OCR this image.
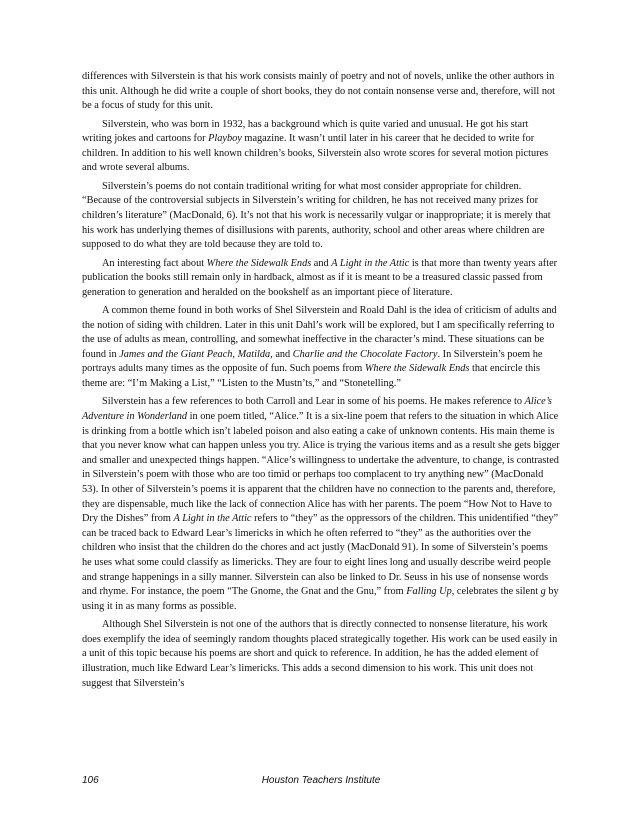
differences with Silverstein is that his work consists mainly of poetry and not of novels, unlike the other authors in this unit. Although he did write a couple of short books, they do not contain nonsense verse and, therefore, will not be a focus of study for this unit.

Silverstein, who was born in 1932, has a background which is quite varied and unusual. He got his start writing jokes and cartoons for Playboy magazine. It wasn’t until later in his career that he decided to write for children. In addition to his well known children’s books, Silverstein also wrote scores for several motion pictures and wrote several albums.

Silverstein’s poems do not contain traditional writing for what most consider appropriate for children. “Because of the controversial subjects in Silverstein’s writing for children, he has not received many prizes for children’s literature” (MacDonald, 6). It’s not that his work is necessarily vulgar or inappropriate; it is merely that his work has underlying themes of disillusions with parents, authority, school and other areas where children are supposed to do what they are told because they are told to.

An interesting fact about Where the Sidewalk Ends and A Light in the Attic is that more than twenty years after publication the books still remain only in hardback, almost as if it is meant to be a treasured classic passed from generation to generation and heralded on the bookshelf as an important piece of literature.

A common theme found in both works of Shel Silverstein and Roald Dahl is the idea of criticism of adults and the notion of siding with children. Later in this unit Dahl’s work will be explored, but I am specifically referring to the use of adults as mean, controlling, and somewhat ineffective in the character’s mind. These situations can be found in James and the Giant Peach, Matilda, and Charlie and the Chocolate Factory. In Silverstein’s poem he portrays adults many times as the opposite of fun. Such poems from Where the Sidewalk Ends that encircle this theme are: “I’m Making a List,” “Listen to the Mustn’ts,” and “Stonetelling.”

Silverstein has a few references to both Carroll and Lear in some of his poems. He makes reference to Alice’s Adventure in Wonderland in one poem titled, “Alice.” It is a six-line poem that refers to the situation in which Alice is drinking from a bottle which isn’t labeled poison and also eating a cake of unknown contents. His main theme is that you never know what can happen unless you try. Alice is trying the various items and as a result she gets bigger and smaller and unexpected things happen. “Alice’s willingness to undertake the adventure, to change, is contrasted in Silverstein’s poem with those who are too timid or perhaps too complacent to try anything new” (MacDonald 53). In other of Silverstein’s poems it is apparent that the children have no connection to the parents and, therefore, they are dispensable, much like the lack of connection Alice has with her parents. The poem “How Not to Have to Dry the Dishes” from A Light in the Attic refers to “they” as the oppressors of the children. This unidentified “they” can be traced back to Edward Lear’s limericks in which he often referred to “they” as the authorities over the children who insist that the children do the chores and act justly (MacDonald 91). In some of Silverstein’s poems he uses what some could classify as limericks. They are four to eight lines long and usually describe weird people and strange happenings in a silly manner. Silverstein can also be linked to Dr. Seuss in his use of nonsense words and rhyme. For instance, the poem “The Gnome, the Gnat and the Gnu,” from Falling Up, celebrates the silent g by using it in as many forms as possible.

Although Shel Silverstein is not one of the authors that is directly connected to nonsense literature, his work does exemplify the idea of seemingly random thoughts placed strategically together. His work can be used easily in a unit of this topic because his poems are short and quick to reference. In addition, he has the added element of illustration, much like Edward Lear’s limericks. This adds a second dimension to his work. This unit does not suggest that Silverstein’s

106	Houston Teachers Institute
